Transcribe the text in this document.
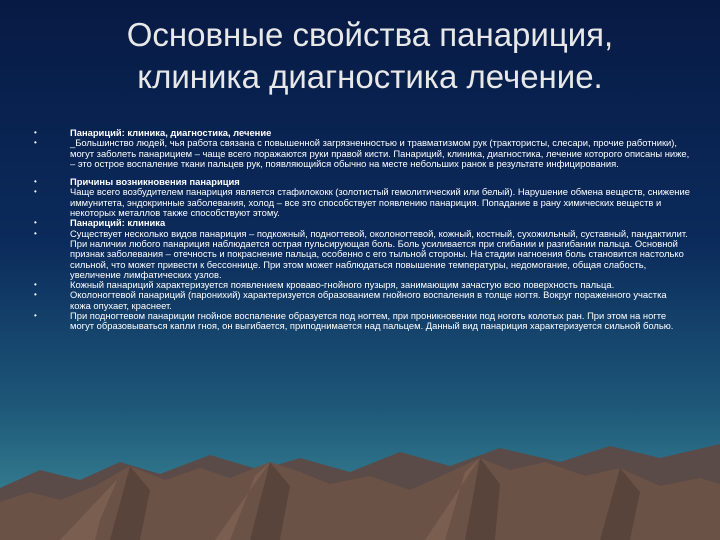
Основные свойства панариция,
клиника диагностика лечение.
•	Панариций: клиника, диагностика, лечение
•	_Большинство людей, чья работа связана с повышенной загрязненностью и травматизмом рук (трактористы, слесари, прочие работники), могут заболеть панарицием – чаще всего поражаются руки правой кисти. Панариций, клиника, диагностика, лечение которого описаны ниже, – это острое воспаление ткани пальцев рук, появляющийся обычно на месте небольших ранок в результате инфицирования.
•	Причины возникновения панариция
•	Чаще всего возбудителем панариция является стафилококк (золотистый гемолитический или белый). Нарушение обмена веществ, снижение иммунитета, эндокринные заболевания, холод – все это способствует появлению панариция. Попадание в рану химических веществ и некоторых металлов также способствуют этому.
•	Панариций: клиника
•	Существует несколько видов панариция – подкожный, подногтевой, околоногтевой, кожный, костный, сухожильный, суставный, пандактилит. При наличии любого панариция наблюдается острая пульсирующая боль. Боль усиливается при сгибании и разгибании пальца. Основной признак заболевания – отечность и покраснение пальца, особенно с его тыльной стороны. На стадии нагноения боль становится настолько сильной, что может привести к бессоннице. При этом может наблюдаться повышение температуры, недомогание, общая слабость, увеличение лимфатических узлов.
•	Кожный панариций характеризуется появлением кроваво-гнойного пузыря, занимающим зачастую всю поверхность пальца.
•	Околоногтевой панариций (паронихий) характеризуется образованием гнойного воспаления в толще ногтя. Вокруг пораженного участка кожа опухает, краснеет.
•	При подногтевом панариции гнойное воспаление образуется под ногтем, при проникновении под ноготь колотых ран. При этом на ногте могут образовываться капли гноя, он выгибается, приподнимается над пальцем. Данный вид панариция характеризуется сильной болью.
